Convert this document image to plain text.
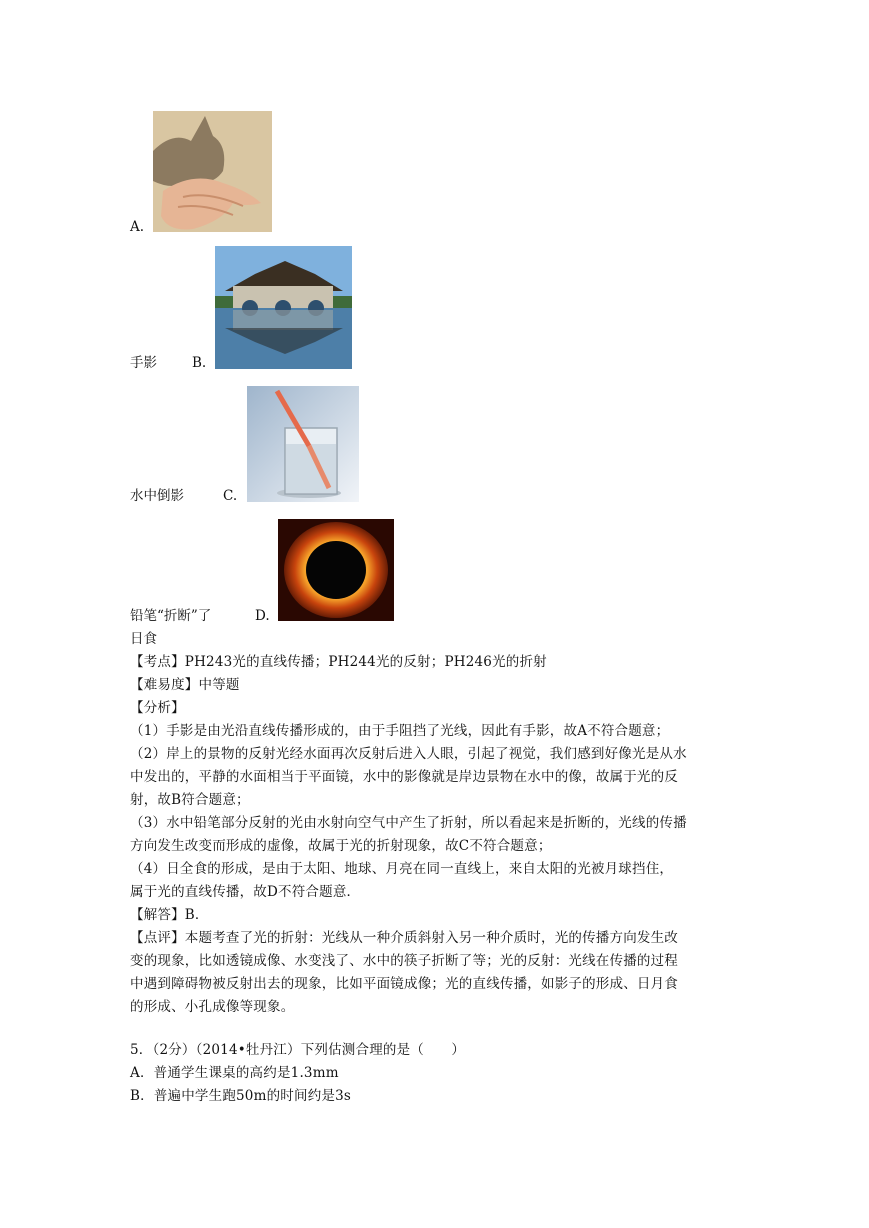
A.
手影	B.
水中倒影	C.
铅笔“折断”了	D.
日食
【考点】PH243光的直线传播；PH244光的反射；PH246光的折射
【难易度】中等题
【分析】
（1）手影是由光沿直线传播形成的，由于手阻挡了光线，因此有手影，故A不符合题意；
（2）岸上的景物的反射光经水面再次反射后进入人眼，引起了视觉，我们感到好像光是从水
中发出的，平静的水面相当于平面镜，水中的影像就是岸边景物在水中的像，故属于光的反
射，故B符合题意；
（3）水中铅笔部分反射的光由水射向空气中产生了折射，所以看起来是折断的，光线的传播
方向发生改变而形成的虚像，故属于光的折射现象，故C不符合题意；
（4）日全食的形成，是由于太阳、地球、月亮在同一直线上，来自太阳的光被月球挡住，
属于光的直线传播，故D不符合题意．
【解答】B．
【点评】本题考查了光的折射：光线从一种介质斜射入另一种介质时，光的传播方向发生改
变的现象，比如透镜成像、水变浅了、水中的筷子折断了等；光的反射：光线在传播的过程
中遇到障碍物被反射出去的现象，比如平面镜成像；光的直线传播，如影子的形成、日月食
的形成、小孔成像等现象。
5．（2分）（2014•牡丹江）下列估测合理的是（　　）
A．普通学生课桌的高约是1.3mm
B．普遍中学生跑50m的时间约是3s
